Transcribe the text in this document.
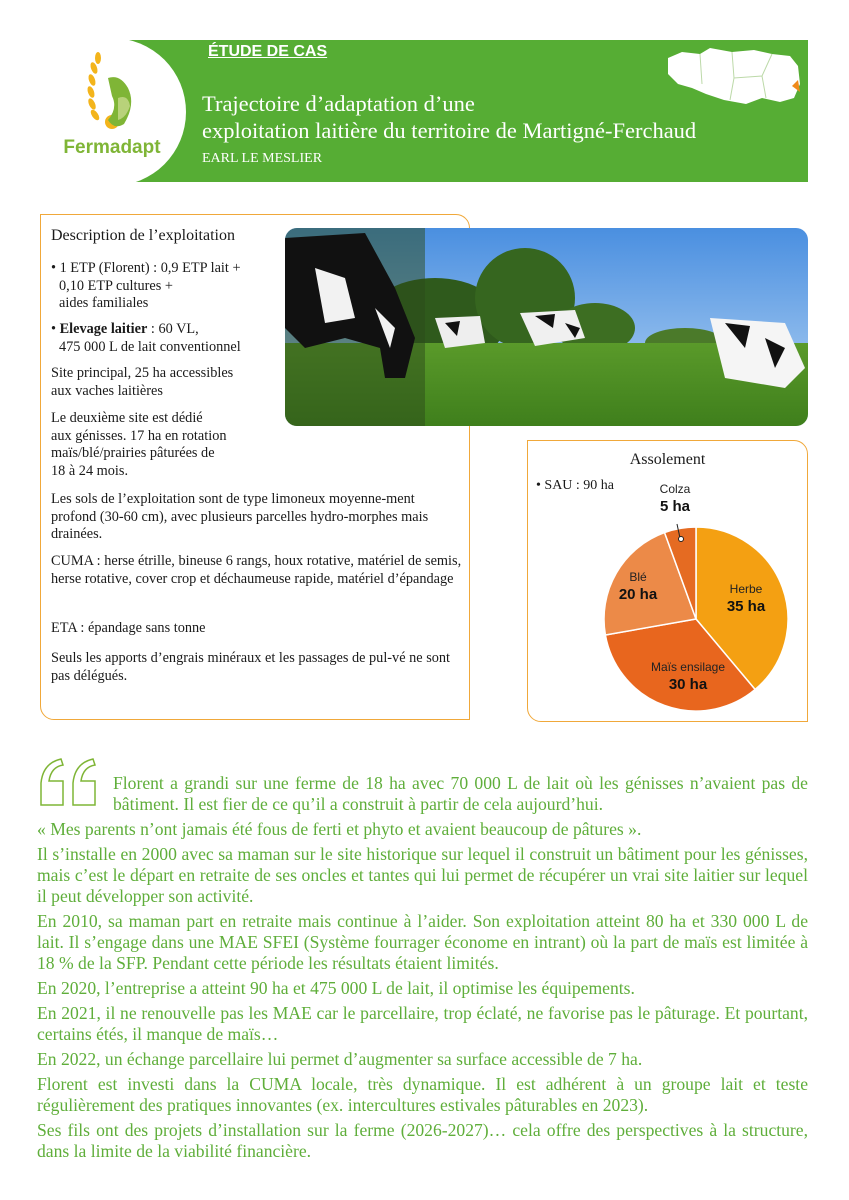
Fermadapt
ÉTUDE DE CAS
Trajectoire d’adaptation d’une
exploitation laitière du territoire de Martigné-Ferchaud
EARL LE MESLIER
Description de l’exploitation
• 1 ETP (Florent) : 0,9 ETP lait +
0,10 ETP cultures +
aides familiales
• Elevage laitier : 60 VL,
475 000 L de lait conventionnel
Site principal, 25 ha accessibles
aux vaches laitières
Le deuxième site est dédié
aux génisses. 17 ha en rotation
maïs/blé/prairies pâturées de
18 à 24 mois.
Les sols de l’exploitation sont de type limoneux moyenne-ment profond (30-60 cm), avec plusieurs parcelles hydro-morphes mais drainées.
CUMA : herse étrille, bineuse 6 rangs, houx rotative, matériel de semis, herse rotative, cover crop et déchaumeuse rapide, matériel d’épandage
ETA : épandage sans tonne
Seuls les apports d’engrais minéraux et les passages de pul-vé ne sont pas délégués.
Assolement
• SAU : 90 ha
Herbe
35 ha
Maïs ensilage
30 ha
Blé
20 ha
Colza
5 ha

Florent a grandi sur une ferme de 18 ha avec 70 000 L de lait où les génisses n’avaient pas de bâtiment. Il est fier de ce qu’il a construit à partir de cela aujourd’hui.

« Mes parents n’ont jamais été fous de ferti et phyto et avaient beaucoup de pâtures ».

Il s’installe en 2000 avec sa maman sur le site historique sur lequel il construit un bâtiment pour les génisses, mais c’est le départ en retraite de ses oncles et tantes qui lui permet de récupérer un vrai site laitier sur lequel il peut développer son activité.

En 2010, sa maman part en retraite mais continue à l’aider. Son exploitation atteint 80 ha et 330 000 L de lait. Il s’engage dans une MAE SFEI (Système fourrager économe en intrant) où la part de maïs est limitée à 18 % de la SFP. Pendant cette période les résultats étaient limités.

En 2020, l’entreprise a atteint 90 ha et 475 000 L de lait, il optimise les équipements.

En 2021, il ne renouvelle pas les MAE car le parcellaire, trop éclaté, ne favorise pas le pâturage. Et pourtant, certains étés, il manque de maïs…

En 2022, un échange parcellaire lui permet d’augmenter sa surface accessible de 7 ha.

Florent est investi dans la CUMA locale, très dynamique. Il est adhérent à un groupe lait et teste régulièrement des pratiques innovantes (ex. intercultures estivales pâturables en 2023).

Ses fils ont des projets d’installation sur la ferme (2026-2027)… cela offre des perspectives à la structure, dans la limite de la viabilité financière.
